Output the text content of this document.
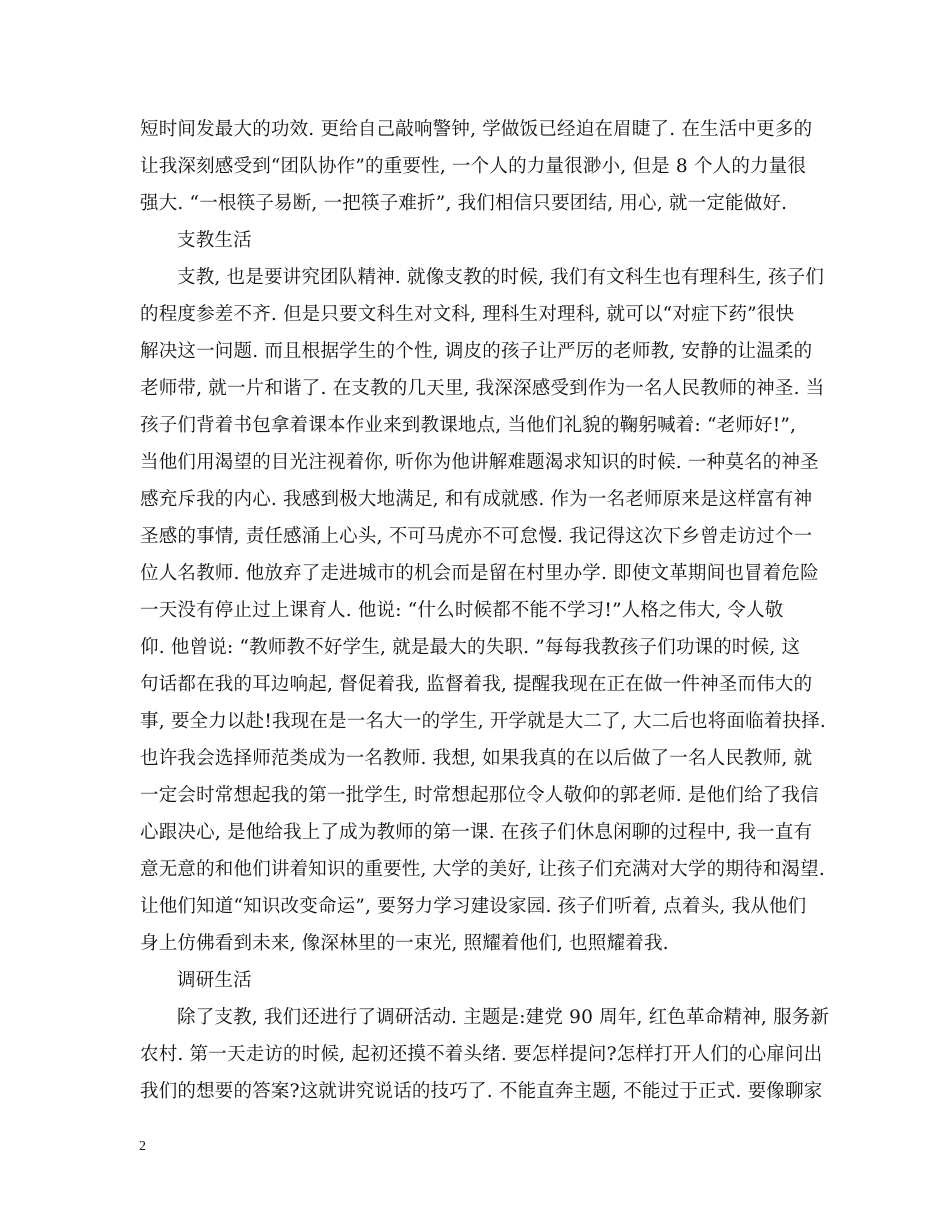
短时间发最大的功效. 更给自己敲响警钟, 学做饭已经迫在眉睫了. 在生活中更多的
让我深刻感受到“团队协作”的重要性, 一个人的力量很渺小, 但是 8 个人的力量很
强大. “一根筷子易断, 一把筷子难折”, 我们相信只要团结, 用心, 就一定能做好.
支教生活
支教, 也是要讲究团队精神. 就像支教的时候, 我们有文科生也有理科生, 孩子们
的程度参差不齐. 但是只要文科生对文科, 理科生对理科, 就可以“对症下药”很快
解决这一问题. 而且根据学生的个性, 调皮的孩子让严厉的老师教, 安静的让温柔的
老师带, 就一片和谐了. 在支教的几天里, 我深深感受到作为一名人民教师的神圣. 当
孩子们背着书包拿着课本作业来到教课地点, 当他们礼貌的鞠躬喊着: “老师好!”,
当他们用渴望的目光注视着你, 听你为他讲解难题渴求知识的时候. 一种莫名的神圣
感充斥我的内心. 我感到极大地满足, 和有成就感. 作为一名老师原来是这样富有神
圣感的事情, 责任感涌上心头, 不可马虎亦不可怠慢. 我记得这次下乡曾走访过个一
位人名教师. 他放弃了走进城市的机会而是留在村里办学. 即使文革期间也冒着危险
一天没有停止过上课育人. 他说: “什么时候都不能不学习!”人格之伟大, 令人敬
仰. 他曾说: “教师教不好学生, 就是最大的失职. ”每每我教孩子们功课的时候, 这
句话都在我的耳边响起, 督促着我, 监督着我, 提醒我现在正在做一件神圣而伟大的
事, 要全力以赴!我现在是一名大一的学生, 开学就是大二了, 大二后也将面临着抉择.
也许我会选择师范类成为一名教师. 我想, 如果我真的在以后做了一名人民教师, 就
一定会时常想起我的第一批学生, 时常想起那位令人敬仰的郭老师. 是他们给了我信
心跟决心, 是他给我上了成为教师的第一课. 在孩子们休息闲聊的过程中, 我一直有
意无意的和他们讲着知识的重要性, 大学的美好, 让孩子们充满对大学的期待和渴望.
让他们知道“知识改变命运”, 要努力学习建设家园. 孩子们听着, 点着头, 我从他们
身上仿佛看到未来, 像深林里的一束光, 照耀着他们, 也照耀着我.
调研生活
除了支教, 我们还进行了调研活动. 主题是:建党 90 周年, 红色革命精神, 服务新
农村. 第一天走访的时候, 起初还摸不着头绪. 要怎样提问?怎样打开人们的心扉问出
我们的想要的答案?这就讲究说话的技巧了. 不能直奔主题, 不能过于正式. 要像聊家
2
